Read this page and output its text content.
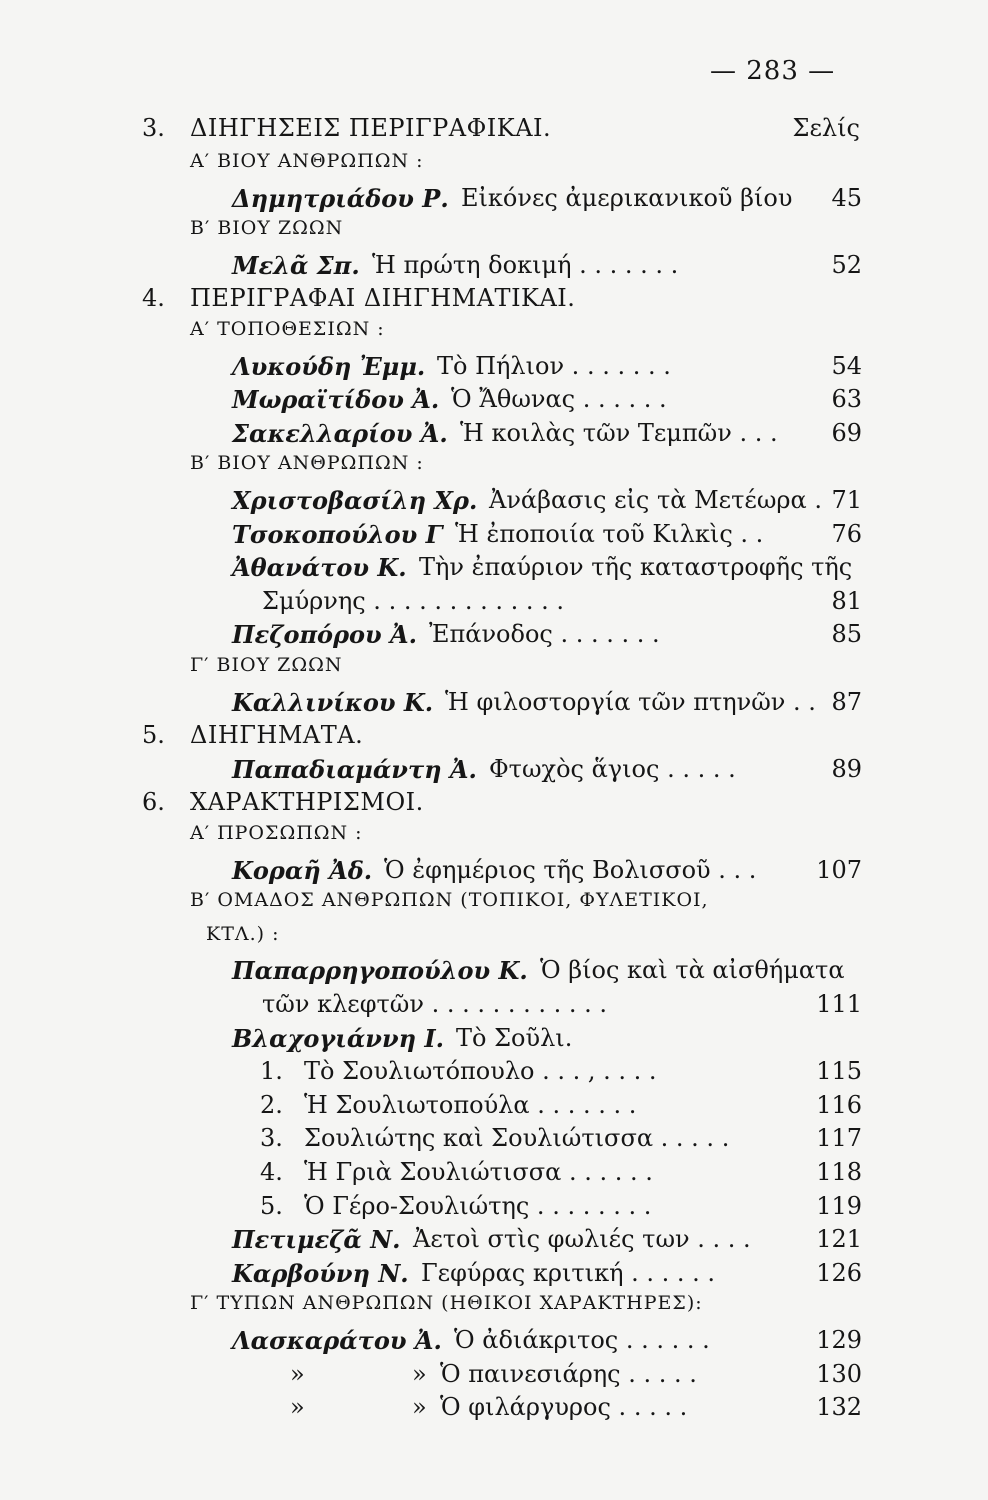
— 283 —
3. ΔΙΗΓΗΣΕΙΣ ΠΕΡΙΓΡΑΦΙΚΑΙ.	Σελίς
Α′ ΒΙΟΥ ΑΝΘΡΩΠΩΝ :
Δημητριάδου Ρ. Εἰκόνες ἀμερικανικοῦ βίου 45
Β′ ΒΙΟΥ ΖΩΩΝ
Μελᾶ Σπ. Ἡ πρώτη δοκιμή . . . . . . .	52
4. ΠΕΡΙΓΡΑΦΑΙ ΔΙΗΓΗΜΑΤΙΚΑΙ.
Α′ ΤΟΠΟΘΕΣΙΩΝ :
Λυκούδη Ἐμμ. Τὸ Πήλιον . . . . . . .	54
Μωραϊτίδου Ἀ. Ὁ Ἄθωνας . . . . . .	63
Σακελλαρίου Ἀ. Ἡ κοιλὰς τῶν Τεμπῶν . . . 69
Β′ ΒΙΟΥ ΑΝΘΡΩΠΩΝ :
Χριστοβασίλη Χρ. Ἀνάβασις εἰς τὰ Μετέωρα . 71
Τσοκοπούλου Γ Ἡ ἐποποιία τοῦ Κιλκὶς . .	76
Ἀθανάτου Κ. Τὴν ἐπαύριον τῆς καταστροφῆς τῆς
Σμύρνης . . . . . . . . . . . . .	81
Πεζοπόρου Ἀ. Ἐπάνοδος . . . . . . .	85
Γ′ ΒΙΟΥ ΖΩΩΝ
Καλλινίκου Κ. Ἡ φιλοστοργία τῶν πτηνῶν . . 87
5. ΔΙΗΓΗΜΑΤΑ.
Παπαδιαμάντη Ἀ. Φτωχὸς ἅγιος . . . . .	89
6. ΧΑΡΑΚΤΗΡΙΣΜΟΙ.
Α′ ΠΡΟΣΩΠΩΝ :
Κοραῆ Ἀδ. Ὁ ἐφημέριος τῆς Βολισσοῦ . . . 107
Β′ ΟΜΑΔΟΣ ΑΝΘΡΩΠΩΝ (ΤΟΠΙΚΟΙ, ΦΥΛΕΤΙΚΟΙ,
ΚΤΛ.) :
Παπαρρηγοπούλου Κ. Ὁ βίος καὶ τὰ αἰσθήματα
τῶν κλεφτῶν . . . . . . . . . . . .	111
Βλαχογιάννη Ι. Τὸ Σοῦλι.
1. Τὸ Σουλιωτόπουλο . . . , . . . .	115
2. Ἡ Σουλιωτοπούλα . . . . . . .	116
3. Σουλιώτης καὶ Σουλιώτισσα . . . . .	117
4. Ἡ Γριὰ Σουλιώτισσα . . . . . .	118
5. Ὁ Γέρο-Σουλιώτης . . . . . . . .	119
Πετιμεζᾶ Ν. Ἀετοὶ στὶς φωλιές των . . . .	121
Καρβούνη Ν. Γεφύρας κριτική . . . . . .	126
Γ′ ΤΥΠΩΝ ΑΝΘΡΩΠΩΝ (ΗΘΙΚΟΙ ΧΑΡΑΚΤΗΡΕΣ):
Λασκαράτου Ἀ. Ὁ ἀδιάκριτος . . . . . .	129
»	» Ὁ παινεσιάρης . . . . .	130
»	» Ὁ φιλάργυρος . . . . .	132
